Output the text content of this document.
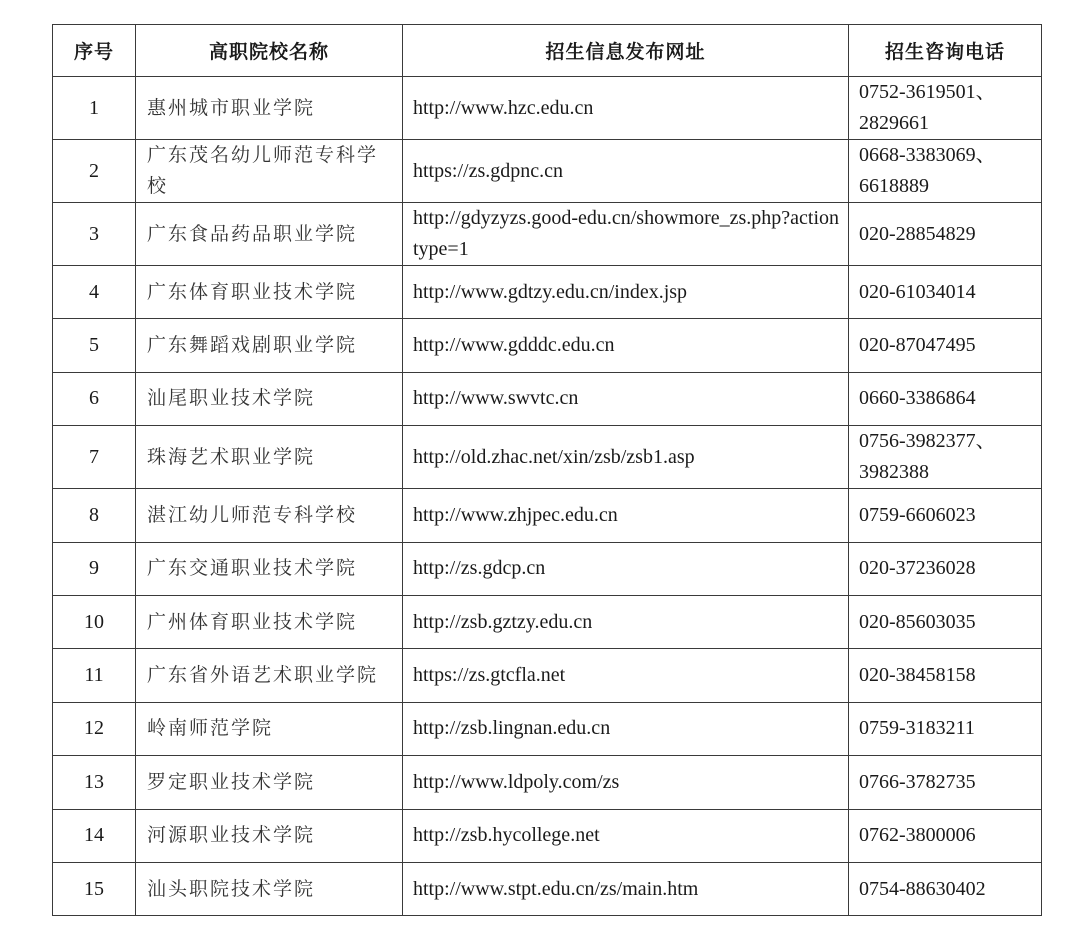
序号	高职院校名称	招生信息发布网址	招生咨询电话
1	惠州城市职业学院	http://www.hzc.edu.cn	0752-3619501、2829661
2	广东茂名幼儿师范专科学校	https://zs.gdpnc.cn	0668-3383069、6618889
3	广东食品药品职业学院	http://gdyzyzs.good-edu.cn/showmore_zs.php?actiontype=1	020-28854829
4	广东体育职业技术学院	http://www.gdtzy.edu.cn/index.jsp	020-61034014
5	广东舞蹈戏剧职业学院	http://www.gdddc.edu.cn	020-87047495
6	汕尾职业技术学院	http://www.swvtc.cn	0660-3386864
7	珠海艺术职业学院	http://old.zhac.net/xin/zsb/zsb1.asp	0756-3982377、3982388
8	湛江幼儿师范专科学校	http://www.zhjpec.edu.cn	0759-6606023
9	广东交通职业技术学院	http://zs.gdcp.cn	020-37236028
10	广州体育职业技术学院	http://zsb.gztzy.edu.cn	020-85603035
11	广东省外语艺术职业学院	https://zs.gtcfla.net	020-38458158
12	岭南师范学院	http://zsb.lingnan.edu.cn	0759-3183211
13	罗定职业技术学院	http://www.ldpoly.com/zs	0766-3782735
14	河源职业技术学院	http://zsb.hycollege.net	0762-3800006
15	汕头职院技术学院	http://www.stpt.edu.cn/zs/main.htm	0754-88630402
